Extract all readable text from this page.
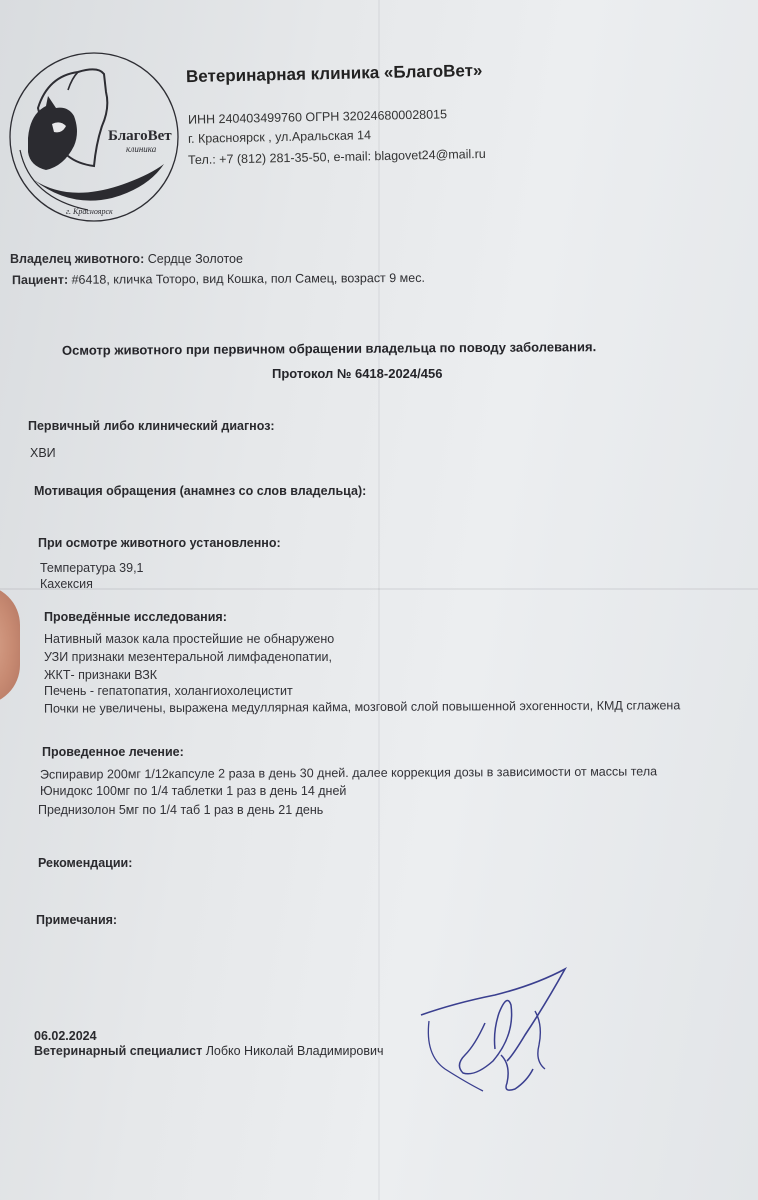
БлагоВет
клиника
г. Красноярск
Ветеринарная клиника «БлагоВет»
ИНН 240403499760 ОГРН 320246800028015
г. Красноярск , ул.Аральская 14
Тел.: +7 (812) 281-35-50, e-mail: blagovet24@mail.ru
Владелец животного: Сердце Золотое
Пациент: #6418, кличка Тоторо, вид Кошка, пол Самец, возраст 9 мес.
Осмотр животного при первичном обращении владельца по поводу заболевания.
Протокол № 6418-2024/456
Первичный либо клинический диагноз:
ХВИ
Мотивация обращения (анамнез со слов владельца):
При осмотре животного установленно:
Температура 39,1
Кахексия
Проведённые исследования:
Нативный мазок кала простейшие не обнаружено
УЗИ признаки мезентеральной лимфаденопатии,
ЖКТ- признаки ВЗК
Печень - гепатопатия, холангиохолецистит
Почки не увеличены, выражена медуллярная кайма, мозговой слой повышенной эхогенности, КМД сглажена
Проведенное лечение:
Эспиравир 200мг 1/12капсуле 2 раза в день 30 дней. далее коррекция дозы в зависимости от массы тела
Юнидокс 100мг по 1/4 таблетки 1 раз в день 14 дней
Преднизолон 5мг по 1/4 таб 1 раз в день 21 день
Рекомендации:
Примечания:
06.02.2024
Ветеринарный специалист Лобко Николай Владимирович
